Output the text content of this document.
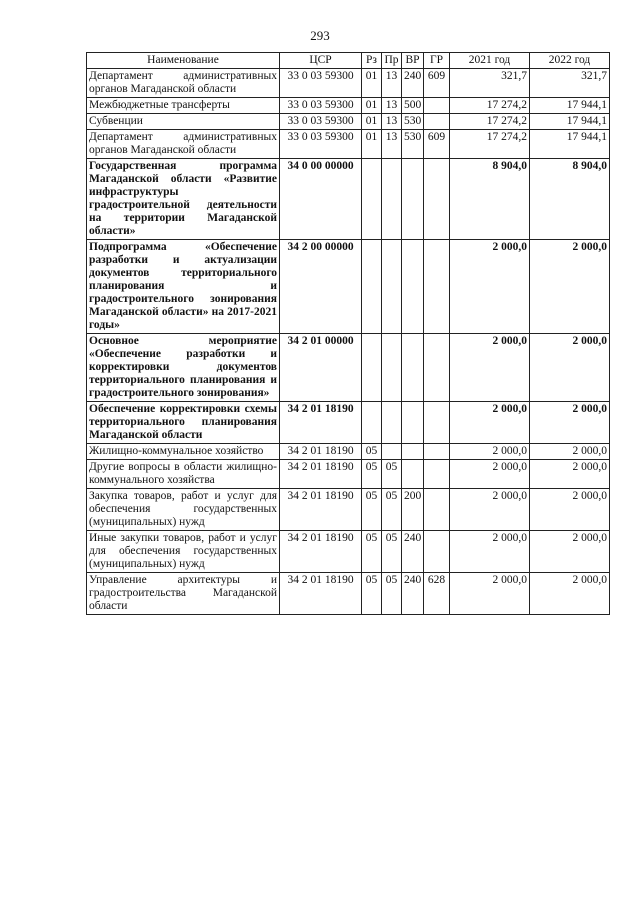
293
Наименование	ЦСР	Рз	Пр	ВР	ГР	2021 год	2022 год
Департамент административных органов Магаданской области	33 0 03 59300	01	13	240	609	321,7	321,7
Межбюджетные трансферты	33 0 03 59300	01	13	500		17 274,2	17 944,1
Субвенции	33 0 03 59300	01	13	530		17 274,2	17 944,1
Департамент административных органов Магаданской области	33 0 03 59300	01	13	530	609	17 274,2	17 944,1
Государственная программа Магаданской области «Развитие инфраструктуры градостроительной деятельности на территории Магаданской области»	34 0 00 00000					8 904,0	8 904,0
Подпрограмма «Обеспечение разработки и актуализации документов территориального планирования и градостроительного зонирования Магаданской области» на 2017-2021 годы»	34 2 00 00000					2 000,0	2 000,0
Основное мероприятие «Обеспечение разработки и корректировки документов территориального планирования и градостроительного зонирования»	34 2 01 00000					2 000,0	2 000,0
Обеспечение корректировки схемы территориального планирования Магаданской области	34 2 01 18190					2 000,0	2 000,0
Жилищно-коммунальное хозяйство	34 2 01 18190	05				2 000,0	2 000,0
Другие вопросы в области жилищно-коммунального хозяйства	34 2 01 18190	05	05			2 000,0	2 000,0
Закупка товаров, работ и услуг для обеспечения государственных (муниципальных) нужд	34 2 01 18190	05	05	200		2 000,0	2 000,0
Иные закупки товаров, работ и услуг для обеспечения государственных (муниципальных) нужд	34 2 01 18190	05	05	240		2 000,0	2 000,0
Управление архитектуры и градостроительства Магаданской области	34 2 01 18190	05	05	240	628	2 000,0	2 000,0
